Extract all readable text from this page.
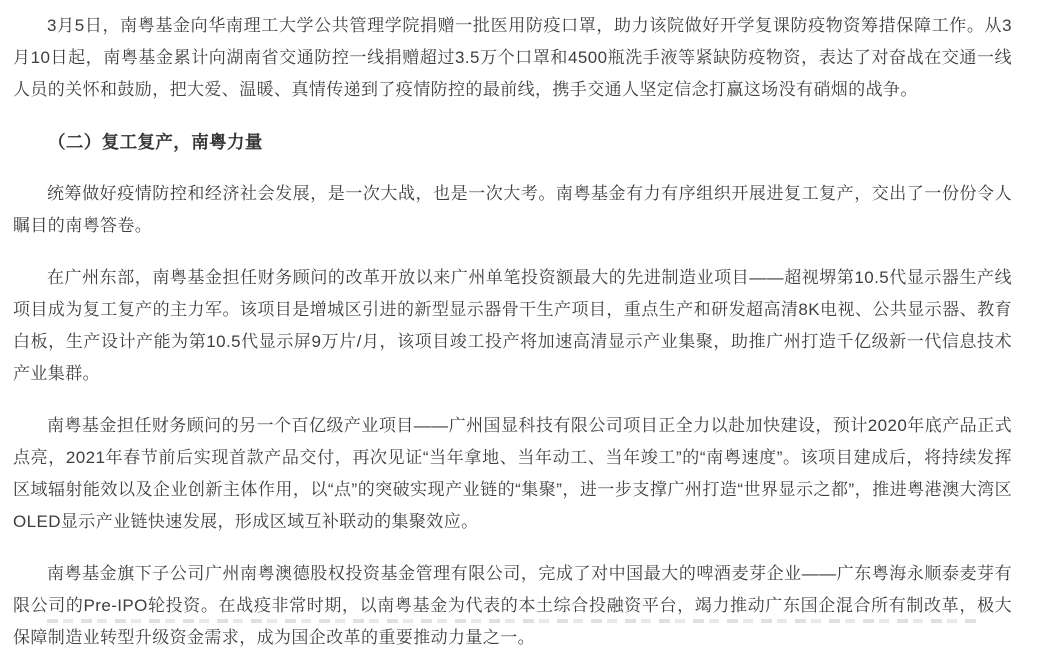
3月5日，南粤基金向华南理工大学公共管理学院捐赠一批医用防疫口罩，助力该院做好开学复课防疫物资筹措保障工作。从3月10日起，南粤基金累计向湖南省交通防控一线捐赠超过3.5万个口罩和4500瓶洗手液等紧缺防疫物资，表达了对奋战在交通一线人员的关怀和鼓励，把大爱、温暖、真情传递到了疫情防控的最前线，携手交通人坚定信念打赢这场没有硝烟的战争。

（二）复工复产，南粤力量

统筹做好疫情防控和经济社会发展，是一次大战，也是一次大考。南粤基金有力有序组织开展进复工复产，交出了一份份令人瞩目的南粤答卷。

在广州东部，南粤基金担任财务顾问的改革开放以来广州单笔投资额最大的先进制造业项目——超视堺第10.5代显示器生产线项目成为复工复产的主力军。该项目是增城区引进的新型显示器骨干生产项目，重点生产和研发超高清8K电视、公共显示器、教育白板，生产设计产能为第10.5代显示屏9万片/月，该项目竣工投产将加速高清显示产业集聚，助推广州打造千亿级新一代信息技术产业集群。

南粤基金担任财务顾问的另一个百亿级产业项目——广州国显科技有限公司项目正全力以赴加快建设，预计2020年底产品正式点亮，2021年春节前后实现首款产品交付，再次见证“当年拿地、当年动工、当年竣工”的“南粤速度”。该项目建成后，将持续发挥区域辐射能效以及企业创新主体作用，以“点”的突破实现产业链的“集聚”，进一步支撑广州打造“世界显示之都”，推进粤港澳大湾区OLED显示产业链快速发展，形成区域互补联动的集聚效应。

南粤基金旗下子公司广州南粤澳德股权投资基金管理有限公司，完成了对中国最大的啤酒麦芽企业——广东粤海永顺泰麦芽有限公司的Pre-IPO轮投资。在战疫非常时期，以南粤基金为代表的本土综合投融资平台，竭力推动广东国企混合所有制改革，极大保障制造业转型升级资金需求，成为国企改革的重要推动力量之一。
